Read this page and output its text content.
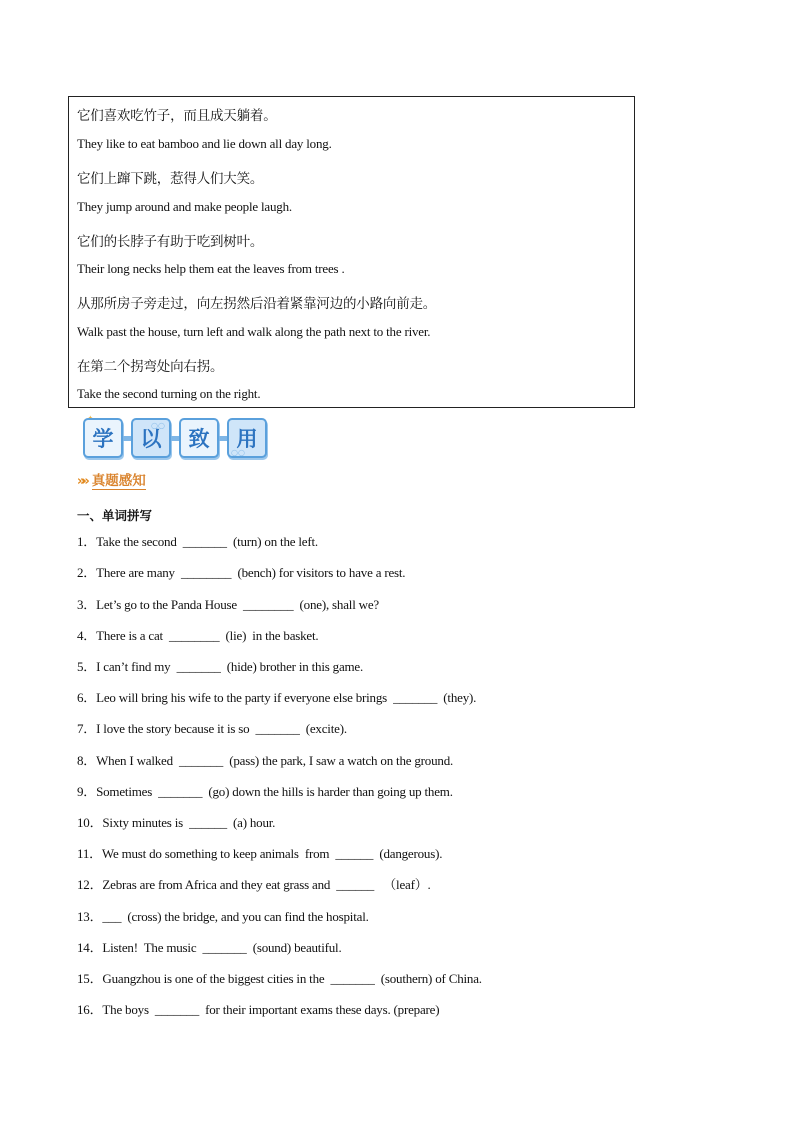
它们喜欢吃竹子，而且成天躺着。
They like to eat bamboo and lie down all day long.
它们上蹿下跳，惹得人们大笑。
They jump around and make people laugh.
它们的长脖子有助于吃到树叶。
Their long necks help them eat the leaves from trees .
从那所房子旁走过，向左拐然后沿着紧靠河边的小路向前走。
Walk past the house, turn left and walk along the path next to the river.
在第二个拐弯处向右拐。
Take the second turning on the right.
学	以
○○
致	用
○○
»» 真题感知
一、单词拼写
1．Take the second  _______  (turn) on the left.
2．There are many  ________  (bench) for visitors to have a rest.
3．Let’s go to the Panda House  ________  (one), shall we?
4．There is a cat  ________  (lie)  in the basket.
5．I can’t find my  _______  (hide) brother in this game.
6．Leo will bring his wife to the party if everyone else brings  _______  (they).
7．I love the story because it is so  _______  (excite).
8．When I walked  _______  (pass) the park, I saw a watch on the ground.
9．Sometimes  _______  (go) down the hills is harder than going up them.
10．Sixty minutes is  ______  (a) hour.
11．We must do something to keep animals  from  ______  (dangerous).
12．Zebras are from Africa and they eat grass and  ______   （leaf）.
13．___  (cross) the bridge, and you can find the hospital.
14．Listen!  The music  _______  (sound) beautiful.
15．Guangzhou is one of the biggest cities in the  _______  (southern) of China.
16．The boys  _______  for their important exams these days. (prepare)
